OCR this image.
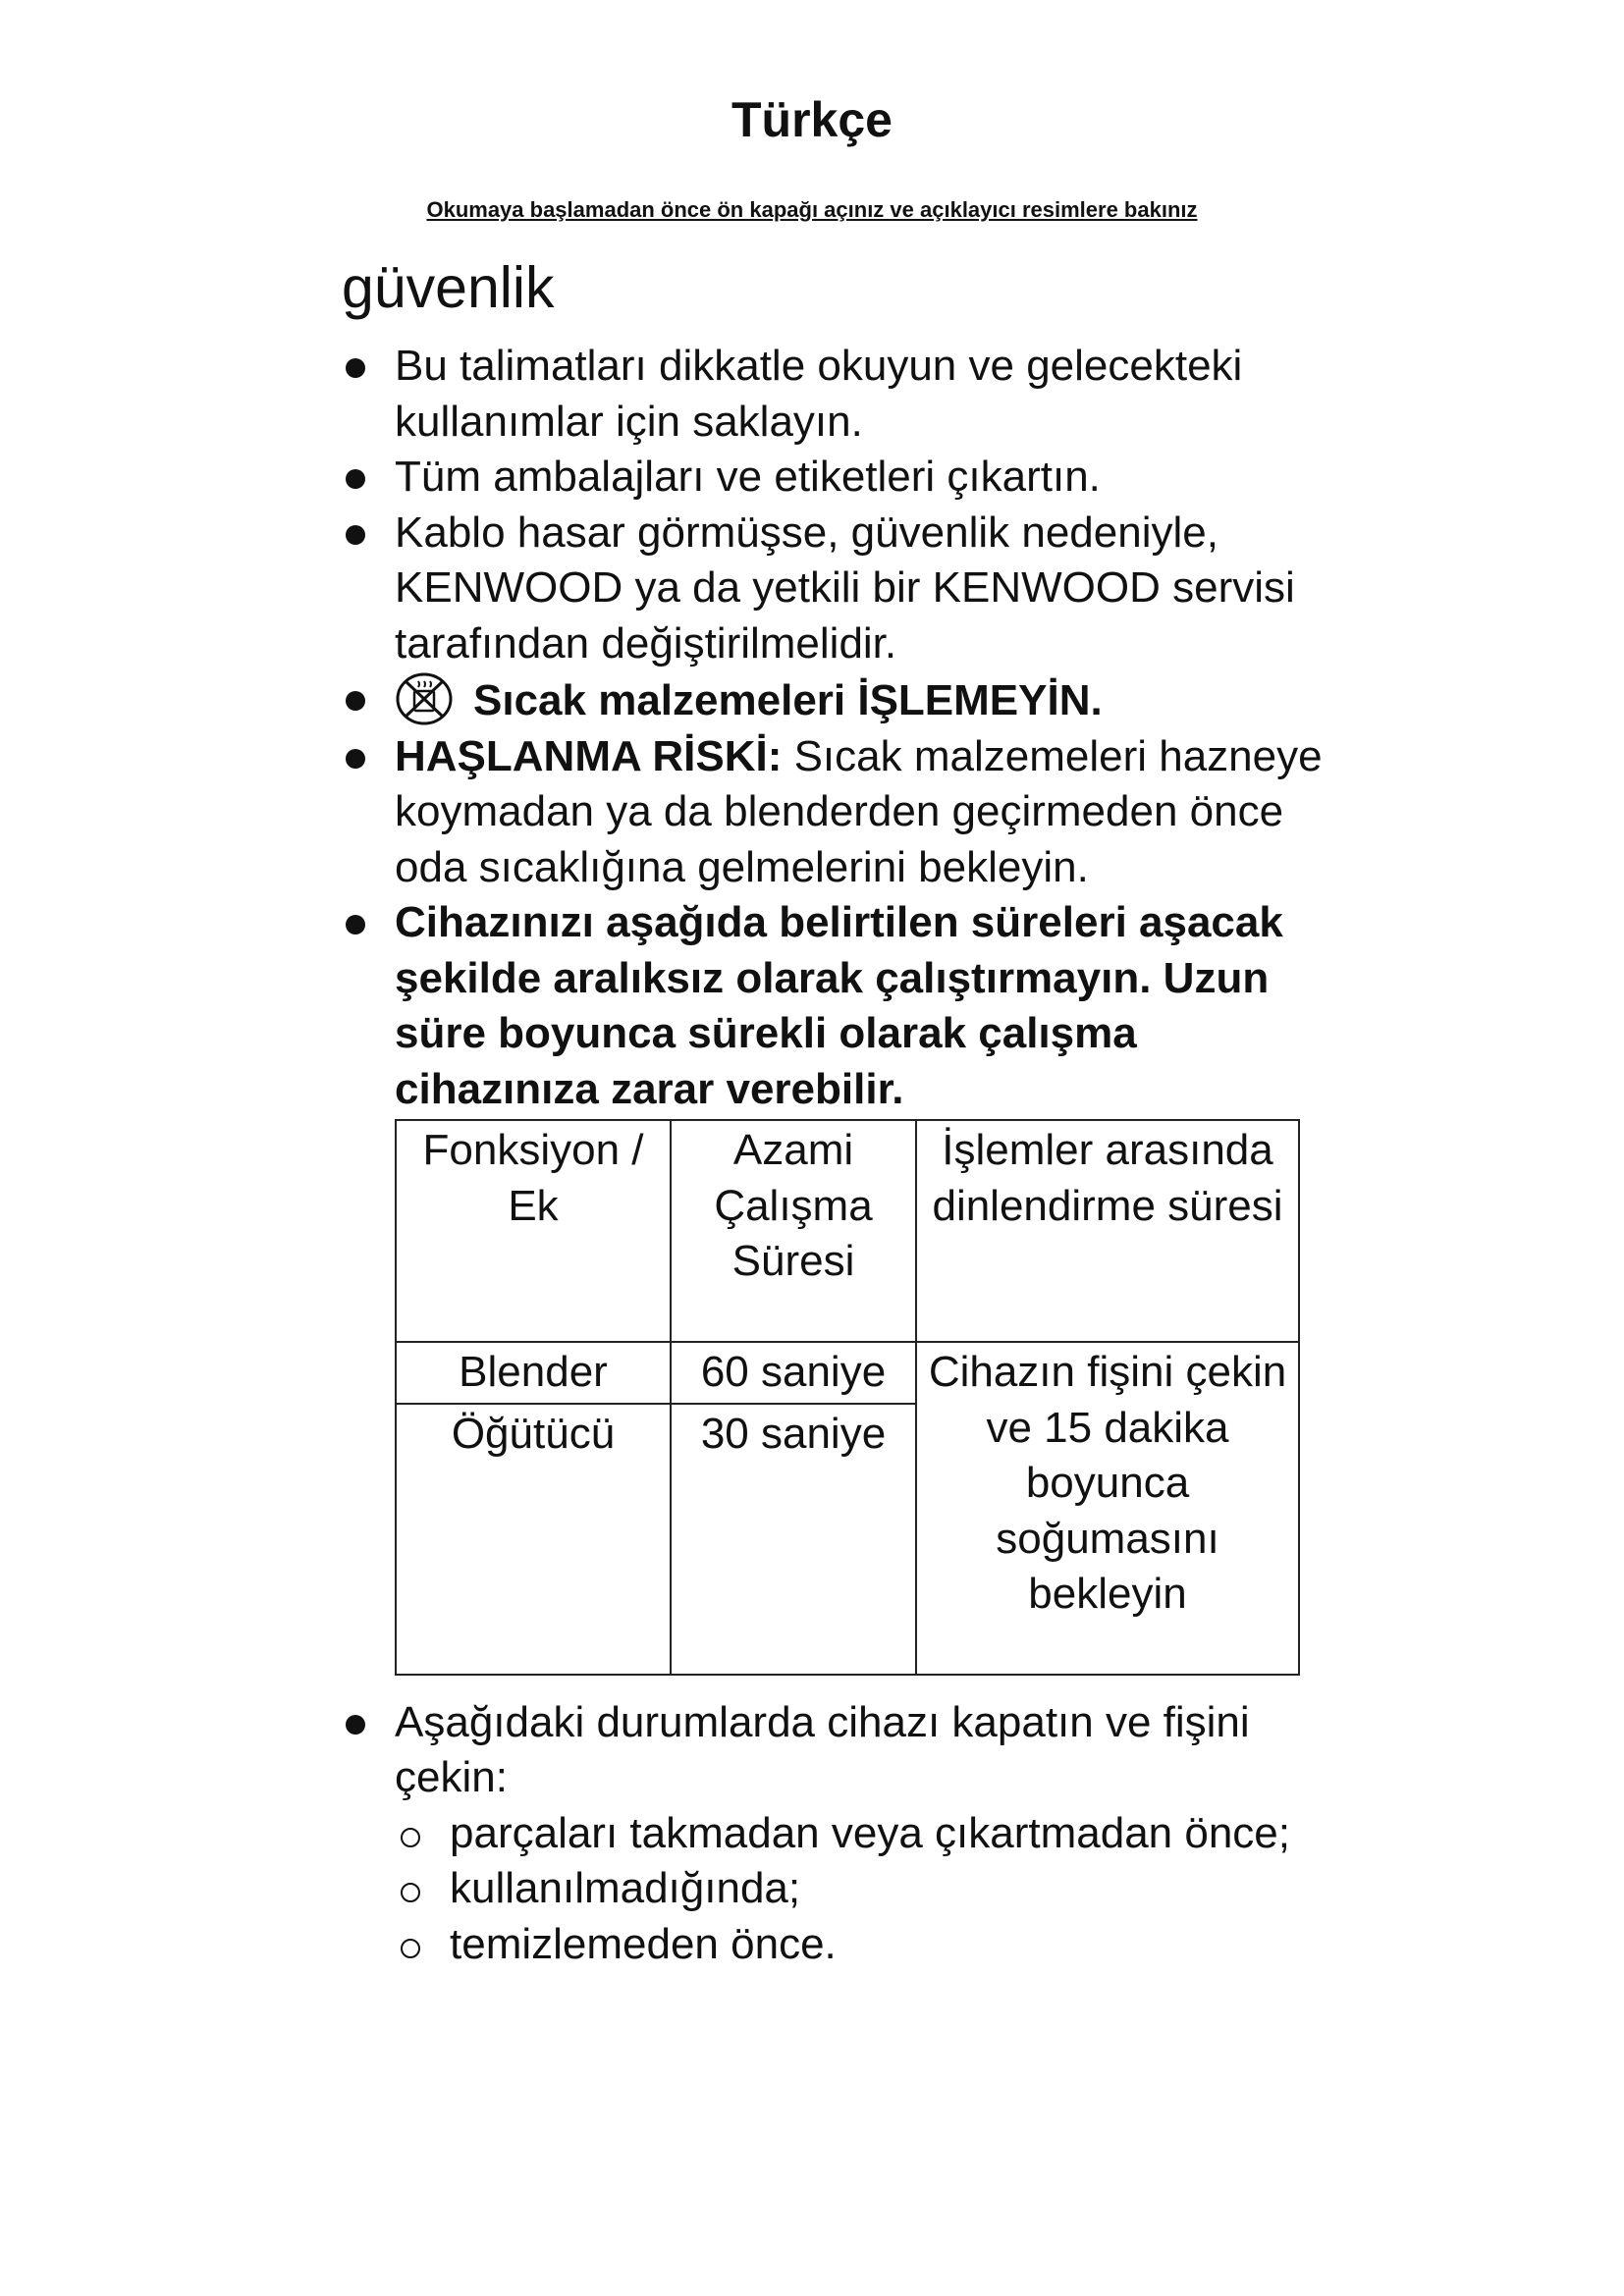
Türkçe
Okumaya başlamadan önce ön kapağı açınız ve açıklayıcı resimlere bakınız
güvenlik
Bu talimatları dikkatle okuyun ve gelecekteki kullanımlar için saklayın.
Tüm ambalajları ve etiketleri çıkartın.
Kablo hasar görmüşse, güvenlik nedeniyle, KENWOOD ya da yetkili bir KENWOOD servisi tarafından değiştirilmelidir.
Sıcak malzemeleri İŞLEMEYİN.
HAŞLANMA RİSKİ: Sıcak malzemeleri hazneye koymadan ya da blenderden geçirmeden önce oda sıcaklığına gelmelerini bekleyin.
Cihazınızı aşağıda belirtilen süreleri aşacak şekilde aralıksız olarak çalıştırmayın. Uzun süre boyunca sürekli olarak çalışma cihazınıza zarar verebilir.
Fonksiyon / Ek	Azami Çalışma Süresi	İşlemler arasında dinlendirme süresi
Blender	60 saniye	Cihazın fişini çekin ve 15 dakika boyunca soğumasını bekleyin
Öğütücü	30 saniye	
Aşağıdaki durumlarda cihazı kapatın ve fişini çekin:
parçaları takmadan veya çıkartmadan önce;
kullanılmadığında;
temizlemeden önce.
